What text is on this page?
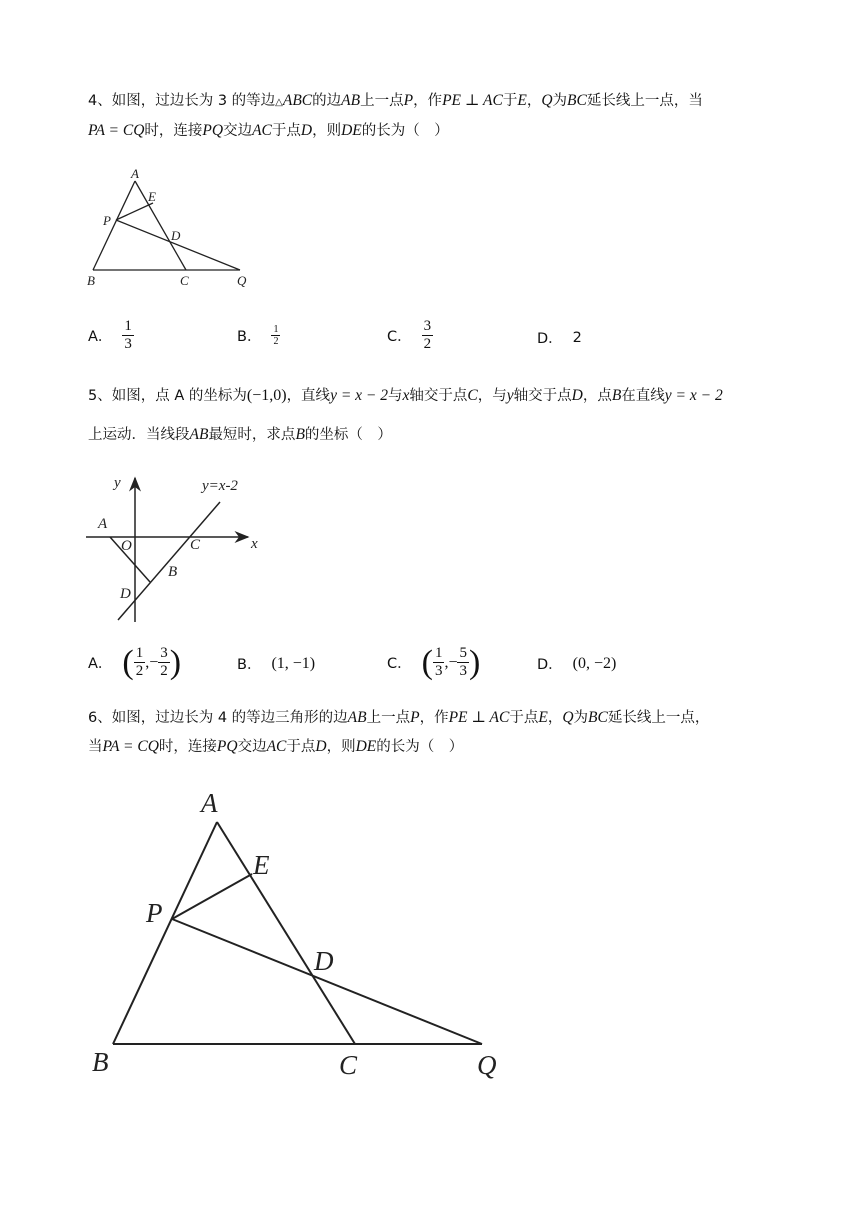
4、如图，过边长为 3 的等边△ABC的边AB上一点P，作PE ⊥ AC于E，Q为BC延长线上一点，当
PA = CQ时，连接PQ交边AC于点D，则DE的长为（　）
A
E
P
D
B	C	Q
A． $\frac{1}{3}$	B． $\frac{1}{2}$	C． $\frac{3}{2}$	D． 2
5、如图，点 A 的坐标为(−1,0)，直线y = x − 2与x轴交于点C，与y轴交于点D，点B在直线y = x − 2
上运动．当线段AB最短时，求点B的坐标（　）
y
x
y=x-2
A
O	C
B
D
A． ( $\frac{1}{2}$ ,− $\frac{3}{2}$ )	B． (1, −1)	C． ( $\frac{1}{3}$ ,− $\frac{5}{3}$ )	D． (0, −2)
6、如图，过边长为 4 的等边三角形的边AB上一点P，作PE ⊥ AC于点E，Q为BC延长线上一点，
当PA = CQ时，连接PQ交边AC于点D，则DE的长为（　）
A
E
P
D
B	C	Q
